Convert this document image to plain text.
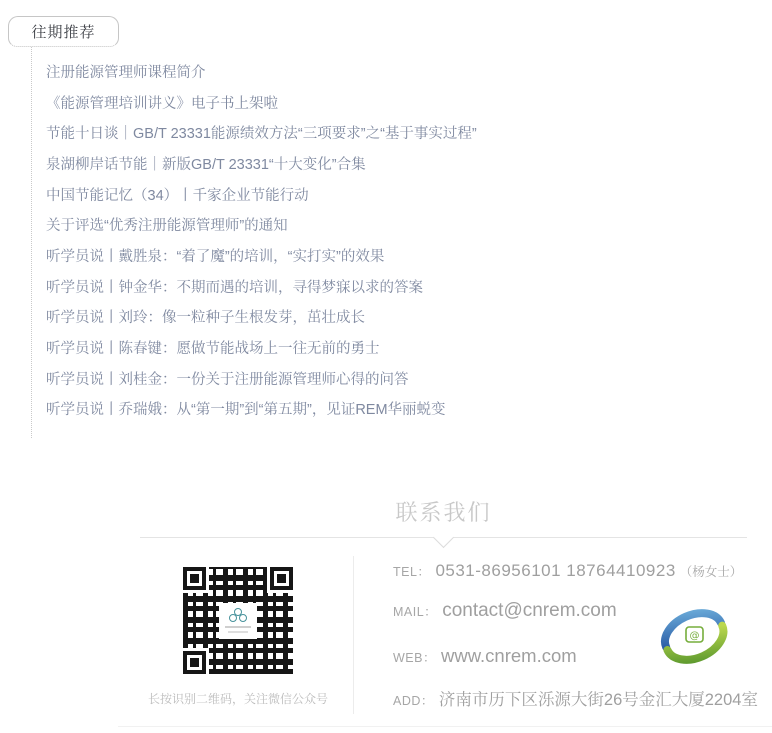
往期推荐
注册能源管理师课程简介
《能源管理培训讲义》电子书上架啦
节能十日谈｜GB/T 23331能源绩效方法“三项要求”之“基于事实过程”
泉湖柳岸话节能｜新版GB/T 23331“十大变化”合集
中国节能记忆（34）丨千家企业节能行动
关于评选“优秀注册能源管理师”的通知
听学员说丨戴胜泉：“着了魔”的培训，“实打实”的效果
听学员说丨钟金华：不期而遇的培训，寻得梦寐以求的答案
听学员说丨刘玲：像一粒种子生根发芽，茁壮成长
听学员说丨陈春键：愿做节能战场上一往无前的勇士
听学员说丨刘桂金：一份关于注册能源管理师心得的问答
听学员说丨乔瑞娥：从“第一期”到“第五期”，见证REM华丽蜕变
联系我们
长按识别二维码，关注微信公众号
TEL： 0531-86956101 18764410923 （杨女士）
MAIL： contact@cnrem.com
WEB： www.cnrem.com
ADD： 济南市历下区泺源大街26号金汇大厦2204室
@
